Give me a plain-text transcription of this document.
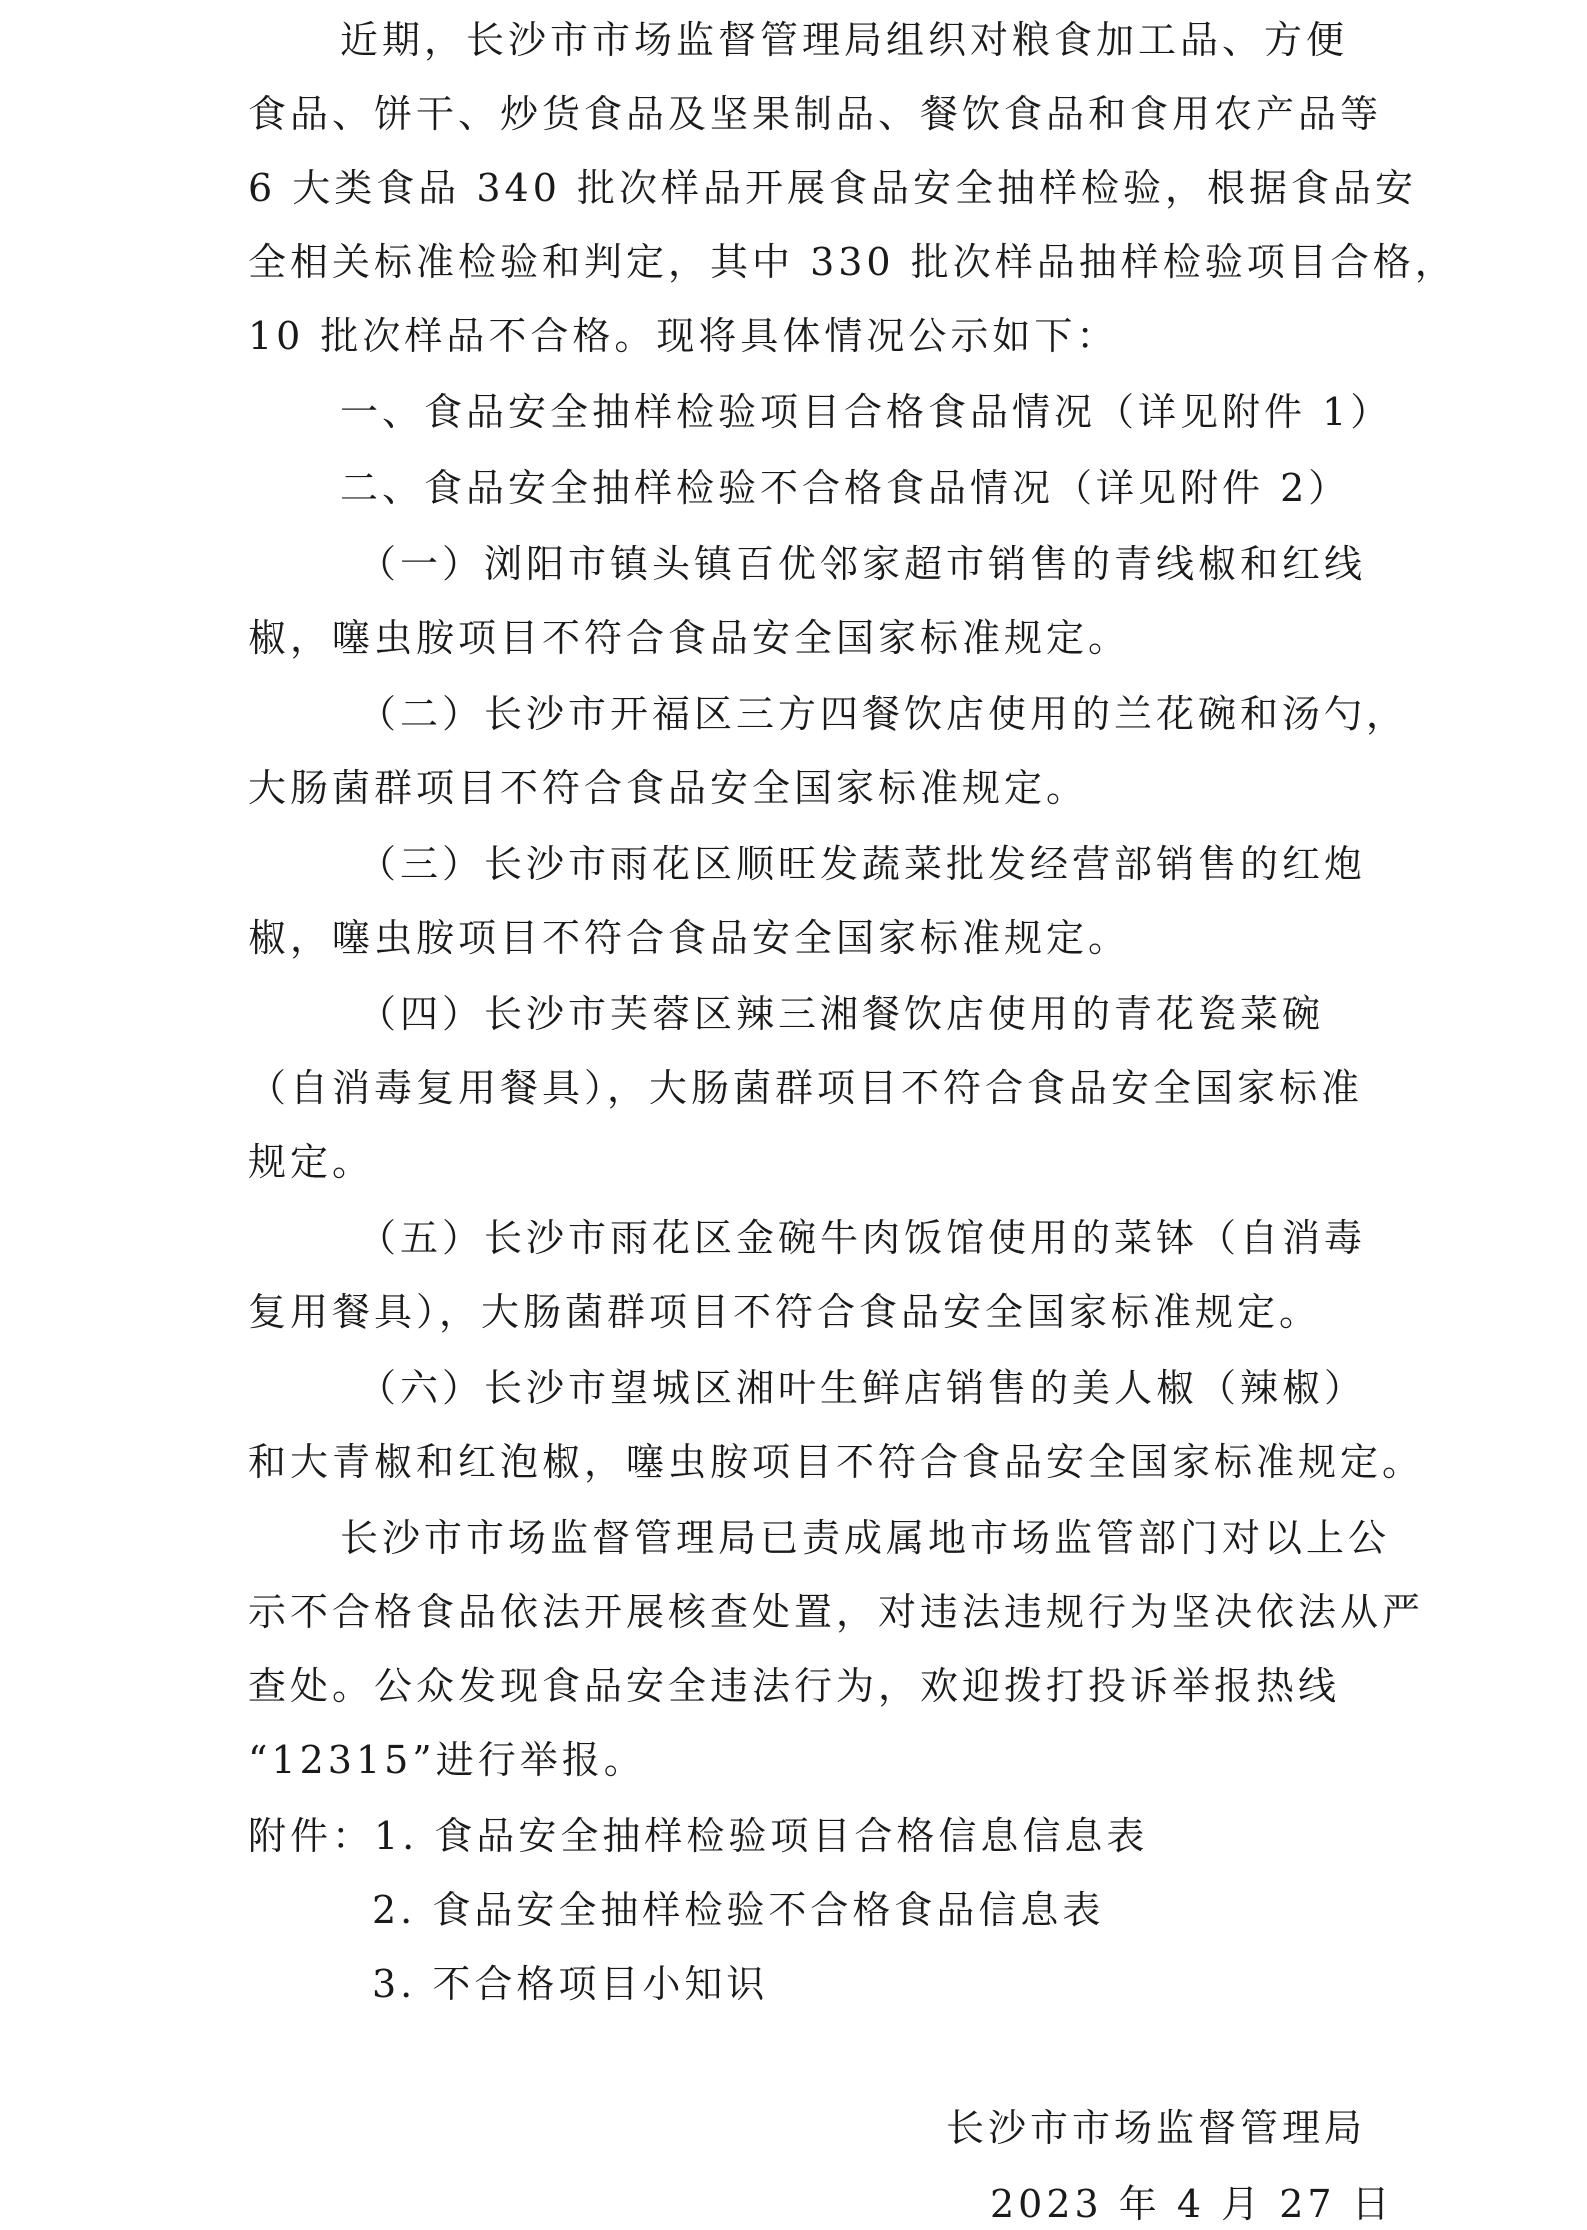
近期，长沙市市场监督管理局组织对粮食加工品、方便

食品、饼干、炒货食品及坚果制品、餐饮食品和食用农产品等

6 大类食品 340 批次样品开展食品安全抽样检验，根据食品安

全相关标准检验和判定，其中 330 批次样品抽样检验项目合格，

10 批次样品不合格。现将具体情况公示如下：

一、食品安全抽样检验项目合格食品情况（详见附件 1）

二、食品安全抽样检验不合格食品情况（详见附件 2）

（一）浏阳市镇头镇百优邻家超市销售的青线椒和红线

椒，噻虫胺项目不符合食品安全国家标准规定。

（二）长沙市开福区三方四餐饮店使用的兰花碗和汤勺，

大肠菌群项目不符合食品安全国家标准规定。

（三）长沙市雨花区顺旺发蔬菜批发经营部销售的红炮

椒，噻虫胺项目不符合食品安全国家标准规定。

（四）长沙市芙蓉区辣三湘餐饮店使用的青花瓷菜碗

（自消毒复用餐具），大肠菌群项目不符合食品安全国家标准

规定。

（五）长沙市雨花区金碗牛肉饭馆使用的菜钵（自消毒

复用餐具），大肠菌群项目不符合食品安全国家标准规定。

（六）长沙市望城区湘叶生鲜店销售的美人椒（辣椒）

和大青椒和红泡椒，噻虫胺项目不符合食品安全国家标准规定。

长沙市市场监督管理局已责成属地市场监管部门对以上公

示不合格食品依法开展核查处置，对违法违规行为坚决依法从严

查处。公众发现食品安全违法行为，欢迎拨打投诉举报热线

“12315”进行举报。

附件：1. 食品安全抽样检验项目合格信息信息表

2. 食品安全抽样检验不合格食品信息表

3. 不合格项目小知识

长沙市市场监督管理局

2023 年 4 月 27 日
